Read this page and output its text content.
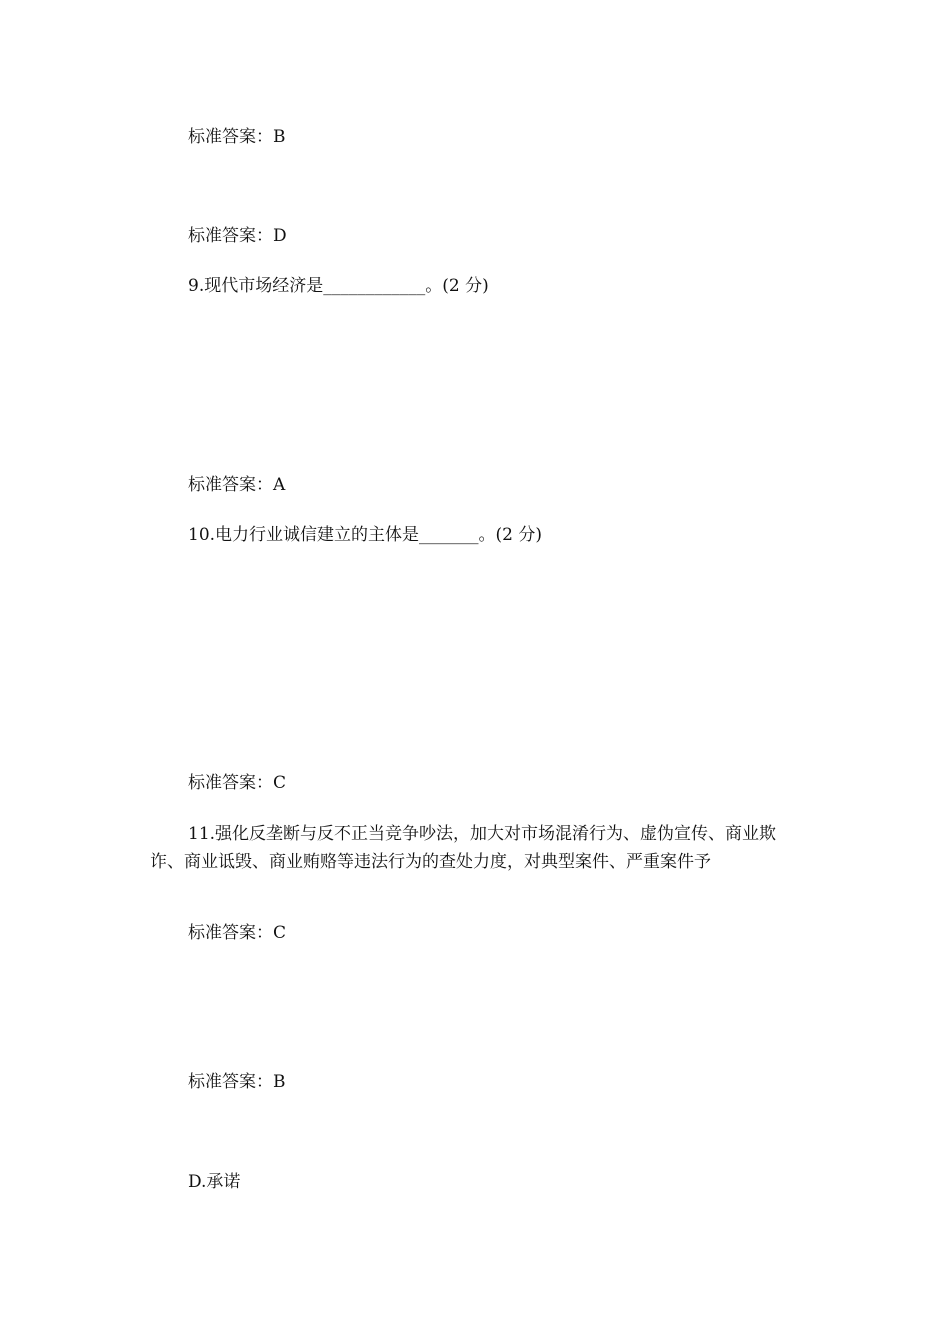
标准答案：B
标准答案：D
9.现代市场经济是____________。(2 分)
标准答案：A
10.电力行业诚信建立的主体是_______。(2 分)
标准答案：C
11.强化反垄断与反不正当竞争吵法，加大对市场混淆行为、虚伪宣传、商业欺诈、商业诋毁、商业贿赂等违法行为的查处力度，对典型案件、严重案件予
标准答案：C
标准答案：B
D.承诺
